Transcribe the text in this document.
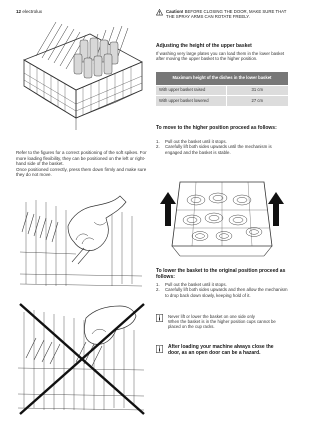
12 electrolux

Refer to the figures for a correct positioning of the soft spikes. For more loading flexibility, they can be positioned on the left or right-hand side of the basket.

Once positioned correctly, press them down firmly and make sure they do not move.

Caution! BEFORE CLOSING THE DOOR, MAKE SURE THAT THE SPRAY ARMS CAN ROTATE FREELY.
Adjusting the height of the upper basket

If washing very large plates you can load them in the lower basket after moving the upper basket to the higher position.

Maximum height of the dishes in the lower basket	
With upper basket raised	31 cm
With upper basket lowered	27 cm
To move to the higher position proceed as follows:
1. Pull out the basket until it stops.
2. Carefully lift both sides upwards until the mechanism is engaged and the basket is stable.
To lower the basket to the original position proceed as follows:
1. Pull out the basket until it stops.
2. Carefully lift both sides upwards and then allow the mechanism to drop back down slowly, keeping hold of it.

Never lift or lower the basket on one side only

When the basket is in the higher position cups cannot be placed on the cup racks.

After loading your machine always close the door, as an open door can be a hazard.
